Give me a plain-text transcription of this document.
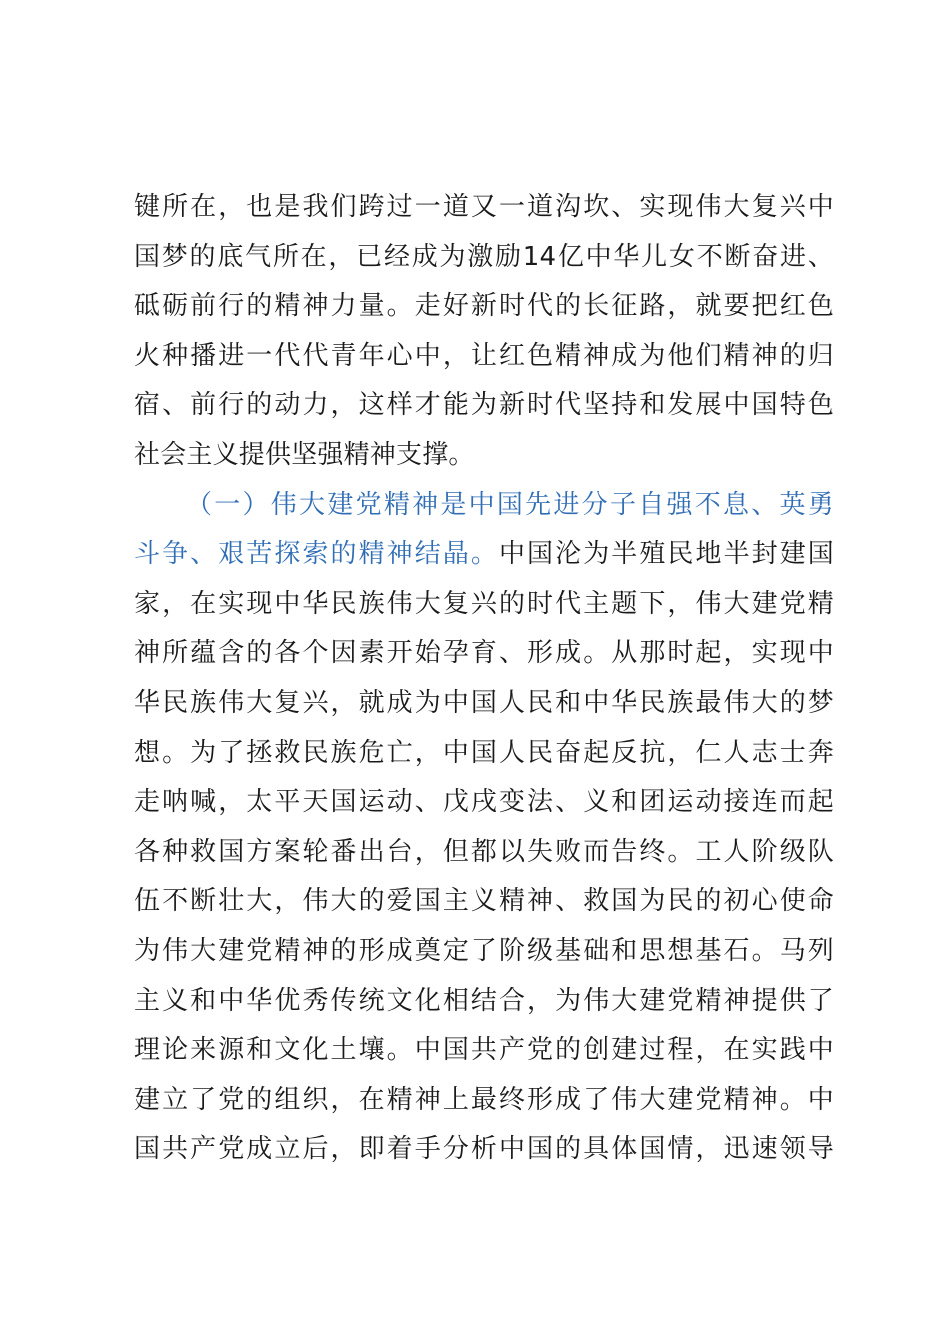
键所在，也是我们跨过一道又一道沟坎、实现伟大复兴中
国梦的底气所在，已经成为激励14亿中华儿女不断奋进、
砥砺前行的精神力量。走好新时代的长征路，就要把红色
火种播进一代代青年心中，让红色精神成为他们精神的归
宿、前行的动力，这样才能为新时代坚持和发展中国特色
社会主义提供坚强精神支撑。
（一）伟大建党精神是中国先进分子自强不息、英勇
斗争、艰苦探索的精神结晶。中国沦为半殖民地半封建国
家，在实现中华民族伟大复兴的时代主题下，伟大建党精
神所蕴含的各个因素开始孕育、形成。从那时起，实现中
华民族伟大复兴，就成为中国人民和中华民族最伟大的梦
想。为了拯救民族危亡，中国人民奋起反抗，仁人志士奔
走呐喊，太平天国运动、戊戌变法、义和团运动接连而起
各种救国方案轮番出台，但都以失败而告终。工人阶级队
伍不断壮大，伟大的爱国主义精神、救国为民的初心使命
为伟大建党精神的形成奠定了阶级基础和思想基石。马列
主义和中华优秀传统文化相结合，为伟大建党精神提供了
理论来源和文化土壤。中国共产党的创建过程，在实践中
建立了党的组织，在精神上最终形成了伟大建党精神。中
国共产党成立后，即着手分析中国的具体国情，迅速领导
